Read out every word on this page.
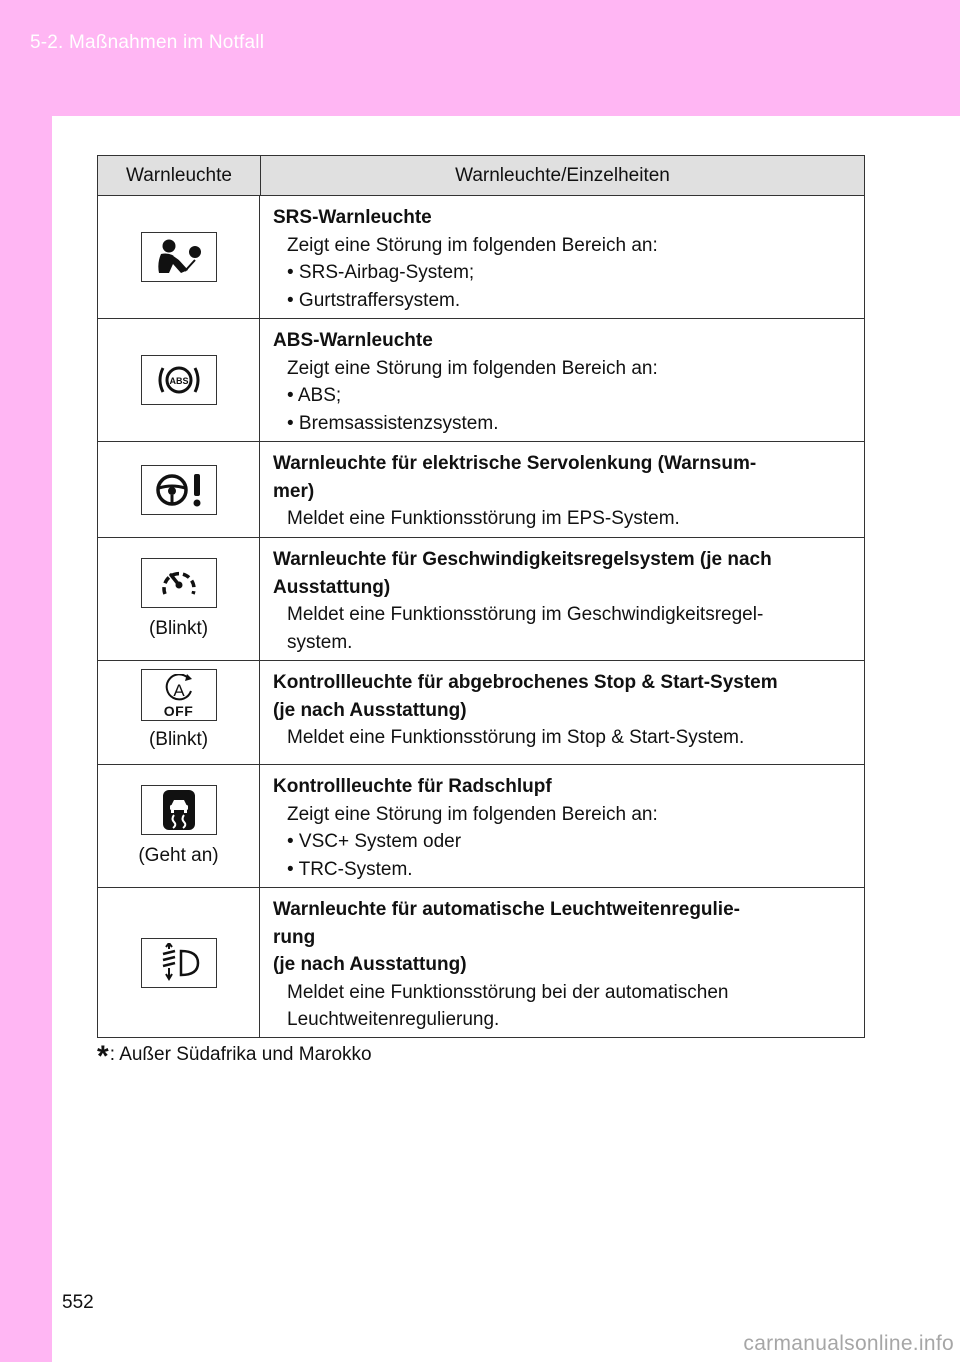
5-2. Maßnahmen im Notfall
Warnleuchte	Warnleuchte/Einzelheiten
SRS-Warnleuchte
Zeigt eine Störung im folgenden Bereich an:
• SRS-Airbag-System;
• Gurtstraffersystem.
ABS
ABS-Warnleuchte
Zeigt eine Störung im folgenden Bereich an:
• ABS;
• Bremsassistenzsystem.
Warnleuchte für elektrische Servolenkung (Warnsum-
mer)
Meldet eine Funktionsstörung im EPS-System.
(Blinkt)
Warnleuchte für Geschwindigkeitsregelsystem (je nach
Ausstattung)
Meldet eine Funktionsstörung im Geschwindigkeitsregel-
system.
A
OFF
(Blinkt)
Kontrollleuchte für abgebrochenes Stop & Start-System
(je nach Ausstattung)
Meldet eine Funktionsstörung im Stop & Start-System.
(Geht an)
Kontrollleuchte für Radschlupf
Zeigt eine Störung im folgenden Bereich an:
• VSC+ System oder
• TRC-System.
Warnleuchte für automatische Leuchtweitenregulie-
rung
(je nach Ausstattung)
Meldet eine Funktionsstörung bei der automatischen
Leuchtweitenregulierung.
*: Außer Südafrika und Marokko
552
carmanualsonline.info
